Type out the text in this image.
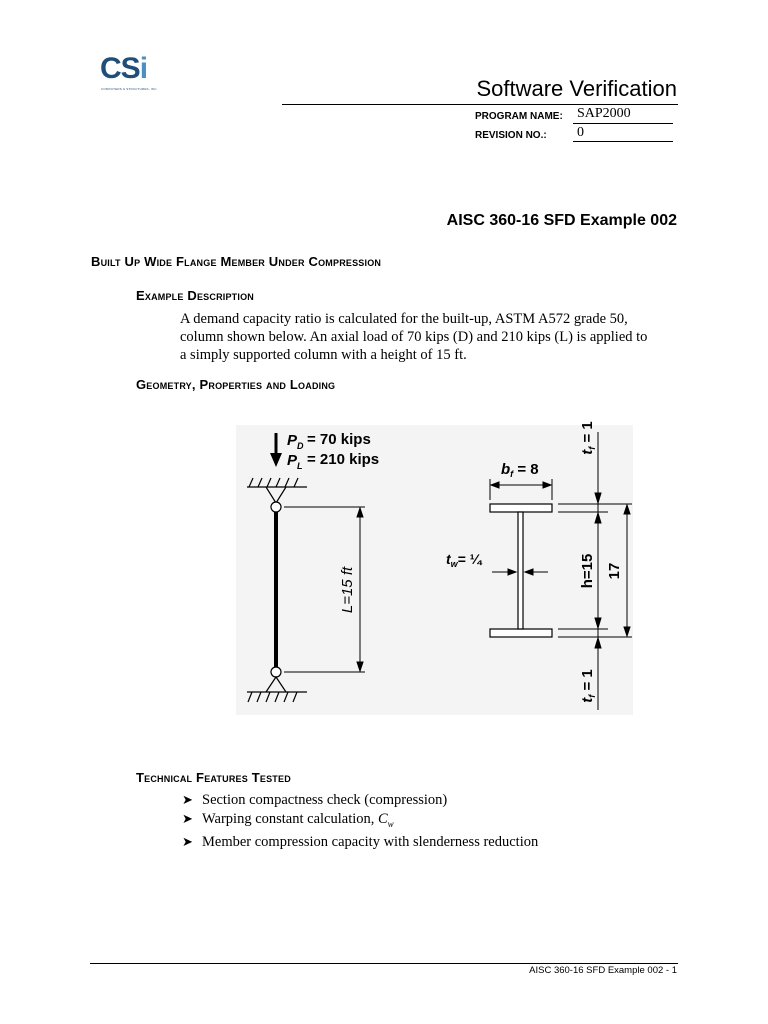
CSi
COMPUTERS & STRUCTURES, INC.	Software Verification
PROGRAM NAME: SAP2000
REVISION NO.: 0
AISC 360-16 SFD Example 002
Built Up Wide Flange Member Under Compression
Example Description
A demand capacity ratio is calculated for the built-up, ASTM A572 grade 50,
column shown below. An axial load of 70 kips (D) and 210 kips (L) is applied to
a simply supported column with a height of 15 ft.
Geometry, Properties and Loading
$P_D = 70$ kips
$P_L = 210$ kips
L=15 ft
$b_f = 8$
$t_w=$ ¼
$t_f = 1$
h=15 17
$t_f = 1$
Technical Features Tested
➤ Section compactness check (compression)
➤ Warping constant calculation, $C_w$
➤ Member compression capacity with slenderness reduction
AISC 360-16 SFD Example 002 - 1
